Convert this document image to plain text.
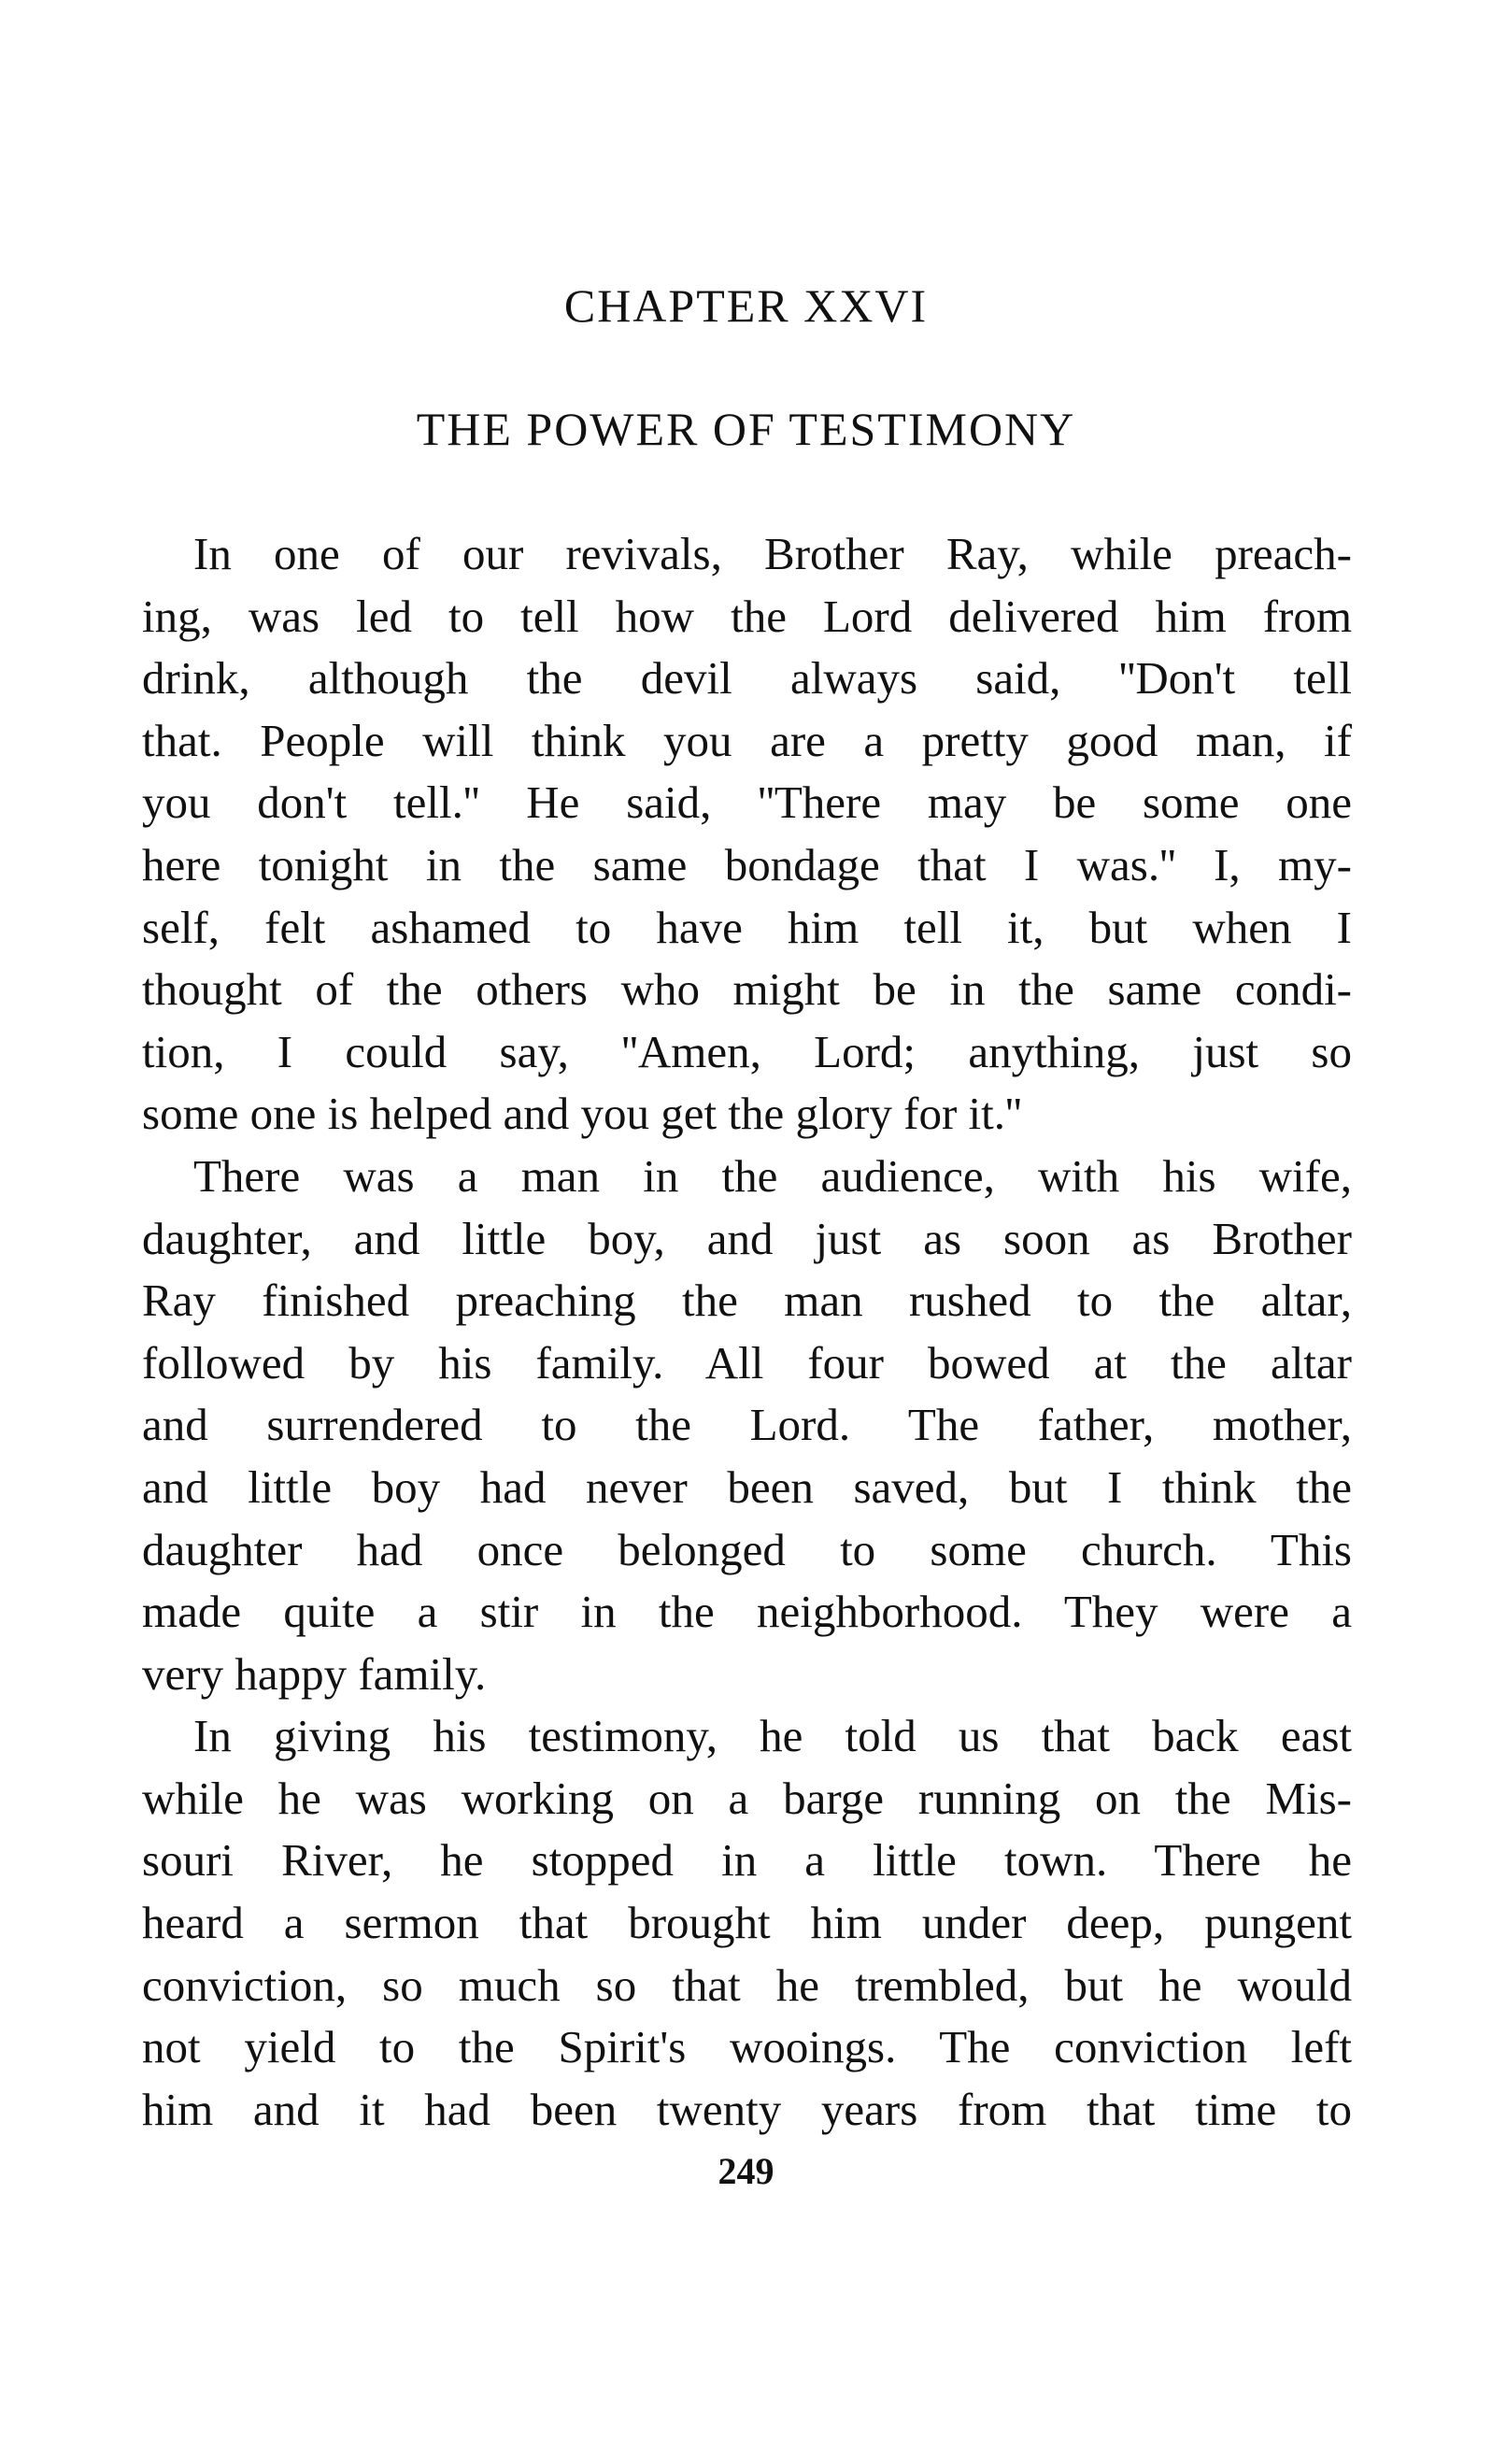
CHAPTER XXVI
THE POWER OF TESTIMONY
In one of our revivals, Brother Ray, while preach-
ing, was led to tell how the Lord delivered him from
drink, although the devil always said, ''Don't tell
that. People will think you are a pretty good man, if
you don't tell.'' He said, ''There may be some one
here tonight in the same bondage that I was.'' I, my-
self, felt ashamed to have him tell it, but when I
thought of the others who might be in the same condi-
tion, I could say, ''Amen, Lord; anything, just so
some one is helped and you get the glory for it.''
There was a man in the audience, with his wife,
daughter, and little boy, and just as soon as Brother
Ray finished preaching the man rushed to the altar,
followed by his family. All four bowed at the altar
and surrendered to the Lord. The father, mother,
and little boy had never been saved, but I think the
daughter had once belonged to some church. This
made quite a stir in the neighborhood. They were a
very happy family.
In giving his testimony, he told us that back east
while he was working on a barge running on the Mis-
souri River, he stopped in a little town. There he
heard a sermon that brought him under deep, pungent
conviction, so much so that he trembled, but he would
not yield to the Spirit's wooings. The conviction left
him and it had been twenty years from that time to
249
